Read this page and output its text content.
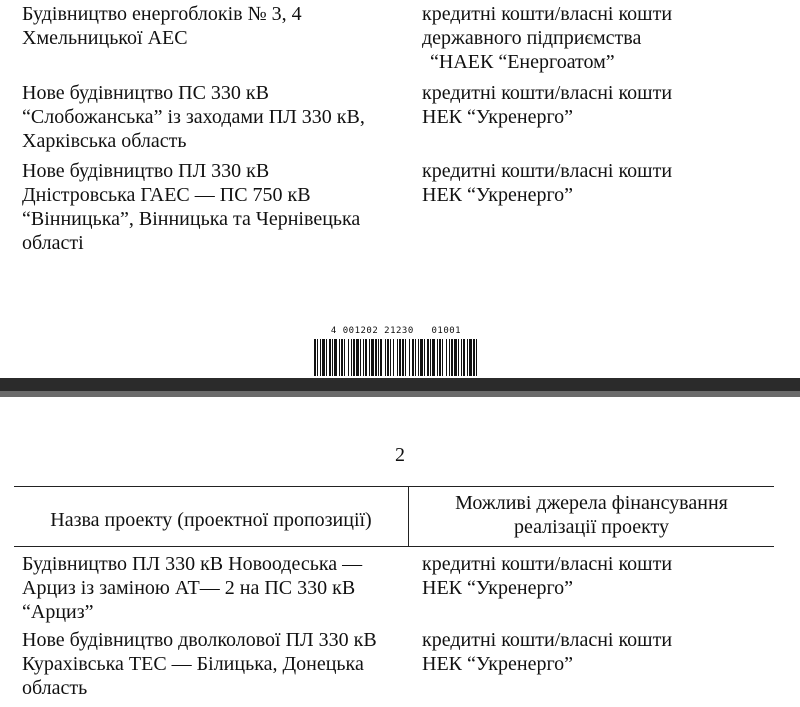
Будівництво енергоблоків № 3, 4
Хмельницької АЕС
кредитні кошти/власні кошти
державного підприємства
“НАЕК “Енергоатом”
Нове будівництво ПС 330 кВ
“Слобожанська” із заходами ПЛ 330 кВ,
Харківська область
кредитні кошти/власні кошти
НЕК “Укренерго”
Нове будівництво ПЛ 330 кВ
Дністровська ГАЕС — ПС 750 кВ
“Вінницька”, Вінницька та Чернівецька
області
кредитні кошти/власні кошти
НЕК “Укренерго”
4 001202 21230   01001
2
Назва проекту (проектної пропозиції)
Можливі джерела фінансування
реалізації проекту
Будівництво ПЛ 330 кВ Новоодеська —
Арциз із заміною АТ— 2 на ПС 330 кВ
“Арциз”
кредитні кошти/власні кошти
НЕК “Укренерго”
Нове будівництво дволколової ПЛ 330 кВ
Курахівська ТЕС — Білицька, Донецька
область
кредитні кошти/власні кошти
НЕК “Укренерго”
